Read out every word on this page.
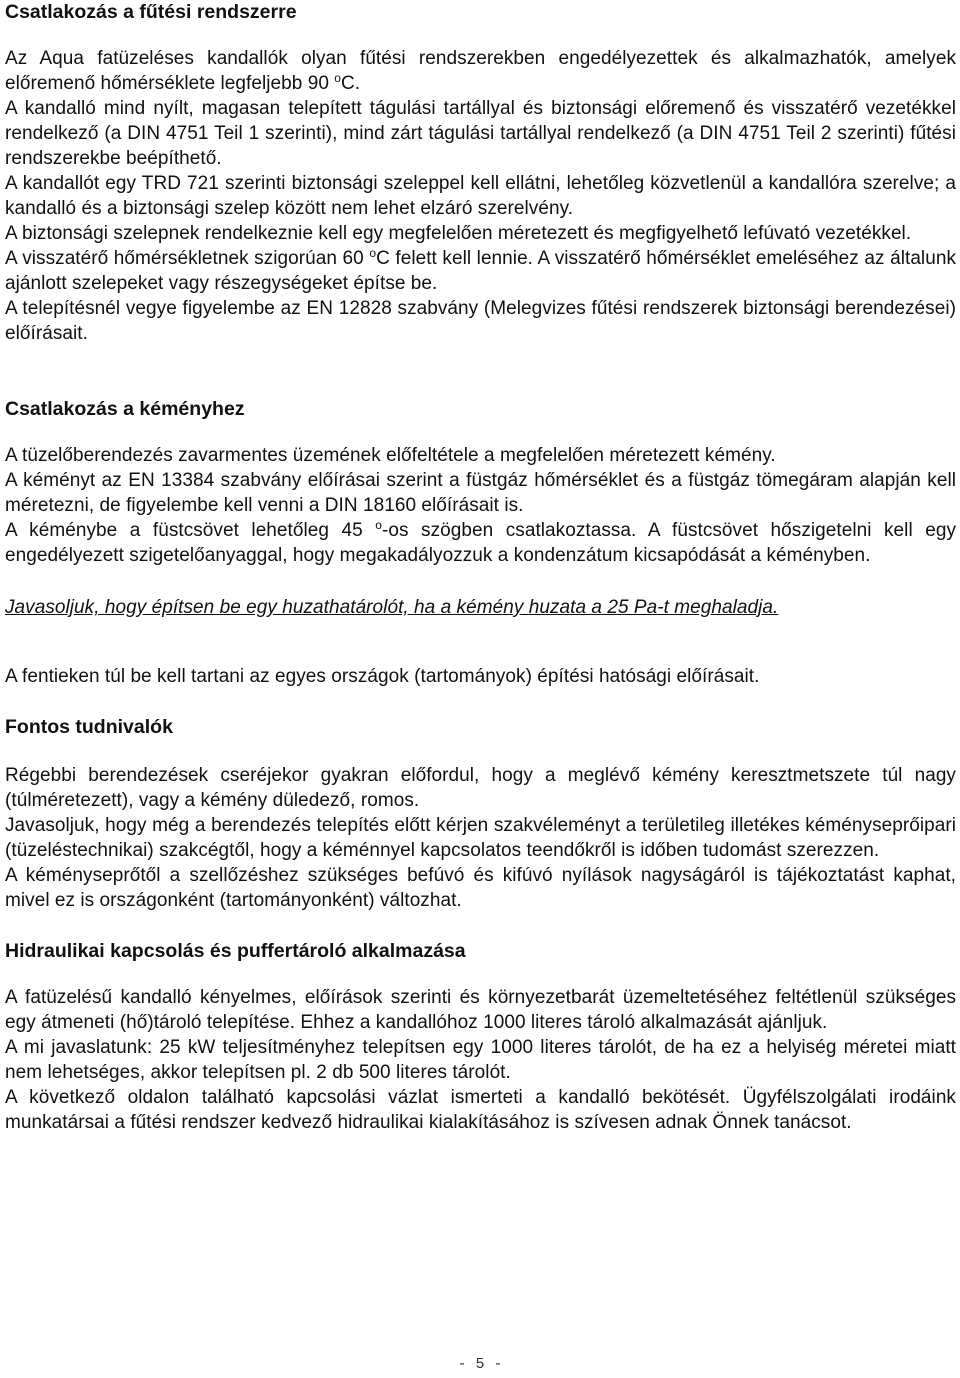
Csatlakozás a fűtési rendszerre

Az Aqua fatüzeléses kandallók olyan fűtési rendszerekben engedélyezettek és alkalmazhatók, amelyek előremenő hőmérséklete legfeljebb 90 $^o$C.

A kandalló mind nyílt, magasan telepített tágulási tartállyal és biztonsági előremenő és visszatérő vezetékkel rendelkező (a DIN 4751 Teil 1 szerinti), mind zárt tágulási tartállyal rendelkező (a DIN 4751 Teil 2 szerinti) fűtési rendszerekbe beépíthető.

A kandallót egy TRD 721 szerinti biztonsági szeleppel kell ellátni, lehetőleg közvetlenül a kandallóra szerelve; a kandalló és a biztonsági szelep között nem lehet elzáró szerelvény.

A biztonsági szelepnek rendelkeznie kell egy megfelelően méretezett és megfigyelhető lefúvató vezetékkel.

A visszatérő hőmérsékletnek szigorúan 60 $^o$C felett kell lennie. A visszatérő hőmérséklet emeléséhez az általunk ajánlott szelepeket vagy részegységeket építse be.

A telepítésnél vegye figyelembe az EN 12828 szabvány (Melegvizes fűtési rendszerek biztonsági berendezései) előírásait.

Csatlakozás a kéményhez

A tüzelőberendezés zavarmentes üzemének előfeltétele a megfelelően méretezett kémény.

A kéményt az EN 13384 szabvány előírásai szerint a füstgáz hőmérséklet és a füstgáz tömegáram alapján kell méretezni, de figyelembe kell venni a DIN 18160 előírásait is.

A kéménybe a füstcsövet lehetőleg 45 $^o$-os szögben csatlakoztassa. A füstcsövet hőszigetelni kell egy engedélyezett szigetelőanyaggal, hogy megakadályozzuk a kondenzátum kicsapódását a kéményben.

Javasoljuk, hogy építsen be egy huzathatárolót, ha a kémény huzata a 25 Pa-t meghaladja.

A fentieken túl be kell tartani az egyes országok (tartományok) építési hatósági előírásait.

Fontos tudnivalók

Régebbi berendezések cseréjekor gyakran előfordul, hogy a meglévő kémény keresztmetszete túl nagy (túlméretezett), vagy a kémény düledező, romos.

Javasoljuk, hogy még a berendezés telepítés előtt kérjen szakvéleményt a területileg illetékes kéményseprőipari (tüzeléstechnikai) szakcégtől, hogy a kéménnyel kapcsolatos teendőkről is időben tudomást szerezzen.

A kéményseprőtől a szellőzéshez szükséges befúvó és kifúvó nyílások nagyságáról is tájékoztatást kaphat, mivel ez is országonként (tartományonként) változhat.

Hidraulikai kapcsolás és puffertároló alkalmazása

A fatüzelésű kandalló kényelmes, előírások szerinti és környezetbarát üzemeltetéséhez feltétlenül szükséges egy átmeneti (hő)tároló telepítése. Ehhez a kandallóhoz 1000 literes tároló alkalmazását ajánljuk.

A mi javaslatunk: 25 kW teljesítményhez telepítsen egy 1000 literes tárolót, de ha ez a helyiség méretei miatt nem lehetséges, akkor telepítsen pl. 2 db 500 literes tárolót.

A következő oldalon található kapcsolási vázlat ismerteti a kandalló bekötését. Ügyfélszolgálati irodáink munkatársai a fűtési rendszer kedvező hidraulikai kialakításához is szívesen adnak Önnek tanácsot.

- 5 -
